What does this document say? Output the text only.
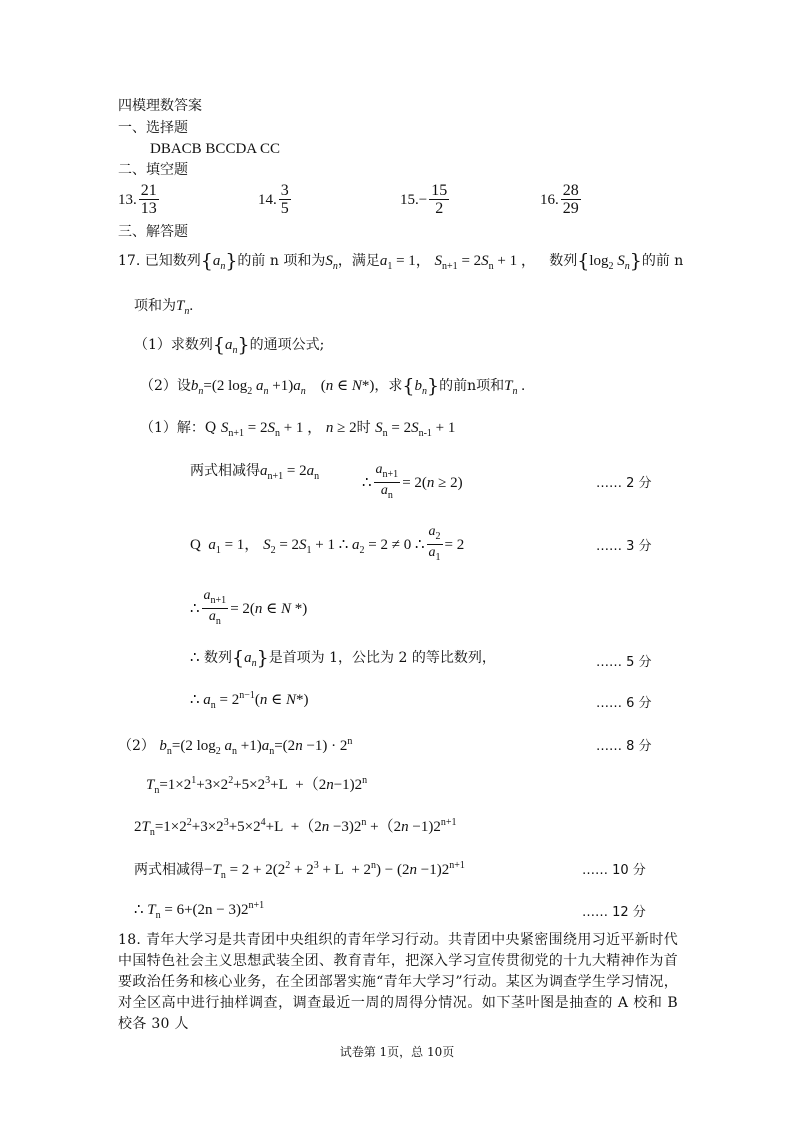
四模理数答案
一、选择题
DBACB BCCDA CC
二、填空题
13. $\frac{21}{13}$	14. $\frac{3}{5}$	$15.- \frac{15}{2}$	16. $\frac{28}{29}$
三、解答题
17. 已知数列$\{a_n\}$的前 n 项和为$S_n$，满足$a_1 = 1$， $S_{n+1} = 2S_n + 1$ ， 数列{$\log_2$ $S_n$}的前 n
项和为$T_n$.
（1）求数列$\{a_n\}$的通项公式;
（2）设$b_n=(2$ $\log_2 a_n +1)a_n$    (n ∈ N*)，求$\{b_n\}$的前n项和$T_n$ .
（1）解：Q $S_{n+1} = 2S_n + 1$ ， n ≥ 2时 $S_n = 2S_{n-1} + 1$
两式相减得$a_{n+1} = 2a_n$	∴ $\frac{a_{n+1}}{a_n} = 2(n \ge 2)$	…… 2 分
Q  $a_1 = 1$， $S_2 = 2S_1 + 1$ ∴ $a_2 = 2 \ne 0$ ∴ $\frac{a_2}{a_1} = 2$	…… 3 分
∴ $\frac{a_{n+1}}{a_n} = 2(n$ ∈ N *)
∴ 数列$\{a_n\}$是首项为 1，公比为 2 的等比数列，	…… 5 分
∴ $a_n = 2^{n-1}(n$ ∈ N*)	…… 6 分
（2） $b_n=(2$ $\log_2 a_n +1)a_n=(2n -1) \cdot 2^n$	…… 8 分
$T_n=1\times 2^1+3\times 2^2+5\times 2^3+L +(2n-1)2^n$
$2T_n=1\times 2^2+3\times 2^3+5\times 2^4+L +(2n -3)2^n +(2n -1)2^{n+1}$
两式相减得$-T_n = 2 + 2(2^2 + 2^3 + L + 2^n) - (2n -1)2^{n+1}$	…… 10 分
∴ $T_n = 6+(2n - 3)2^{n+1}$	…… 12 分
18. 青年大学习是共青团中央组织的青年学习行动。共青团中央紧密围绕用习近平新时代中国特色社会主义思想武装全团、教育青年，把深入学习宣传贯彻党的十九大精神作为首要政治任务和核心业务，在全团部署实施“青年大学习”行动。某区为调查学生学习情况，对全区高中进行抽样调查，调查最近一周的周得分情况。如下茎叶图是抽查的 A 校和 B 校各 30 人
试卷第 1页，总 10页
